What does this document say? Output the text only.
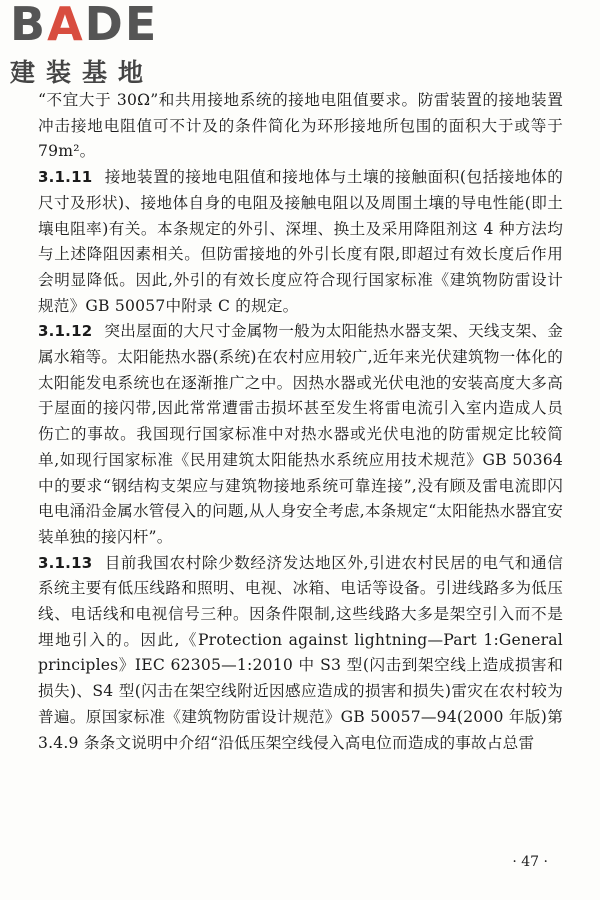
BADE
建装基地

“不宜大于 30Ω”和共用接地系统的接地电阻值要求。防雷装置的接地装置冲击接地电阻值可不计及的条件简化为环形接地所包围的面积大于或等于 79m²。

3.1.11 接地装置的接地电阻值和接地体与土壤的接触面积(包括接地体的尺寸及形状)、接地体自身的电阻及接触电阻以及周围土壤的导电性能(即土壤电阻率)有关。本条规定的外引、深埋、换土及采用降阻剂这 4 种方法均与上述降阻因素相关。但防雷接地的外引长度有限,即超过有效长度后作用会明显降低。因此,外引的有效长度应符合现行国家标准《建筑物防雷设计规范》GB 50057中附录 C 的规定。

3.1.12 突出屋面的大尺寸金属物一般为太阳能热水器支架、天线支架、金属水箱等。太阳能热水器(系统)在农村应用较广,近年来光伏建筑物一体化的太阳能发电系统也在逐渐推广之中。因热水器或光伏电池的安装高度大多高于屋面的接闪带,因此常常遭雷击损坏甚至发生将雷电流引入室内造成人员伤亡的事故。我国现行国家标准中对热水器或光伏电池的防雷规定比较简单,如现行国家标准《民用建筑太阳能热水系统应用技术规范》GB 50364中的要求“钢结构支架应与建筑物接地系统可靠连接”,没有顾及雷电流即闪电电涌沿金属水管侵入的问题,从人身安全考虑,本条规定“太阳能热水器宜安装单独的接闪杆”。

3.1.13 目前我国农村除少数经济发达地区外,引进农村民居的电气和通信系统主要有低压线路和照明、电视、冰箱、电话等设备。引进线路多为低压线、电话线和电视信号三种。因条件限制,这些线路大多是架空引入而不是埋地引入的。因此,《Protection against lightning—Part 1:General principles》IEC 62305—1:2010 中 S3 型(闪击到架空线上造成损害和损失)、S4 型(闪击在架空线附近因感应造成的损害和损失)雷灾在农村较为普遍。原国家标准《建筑物防雷设计规范》GB 50057—94(2000 年版)第 3.4.9 条条文说明中介绍“沿低压架空线侵入高电位而造成的事故占总雷

· 47 ·
